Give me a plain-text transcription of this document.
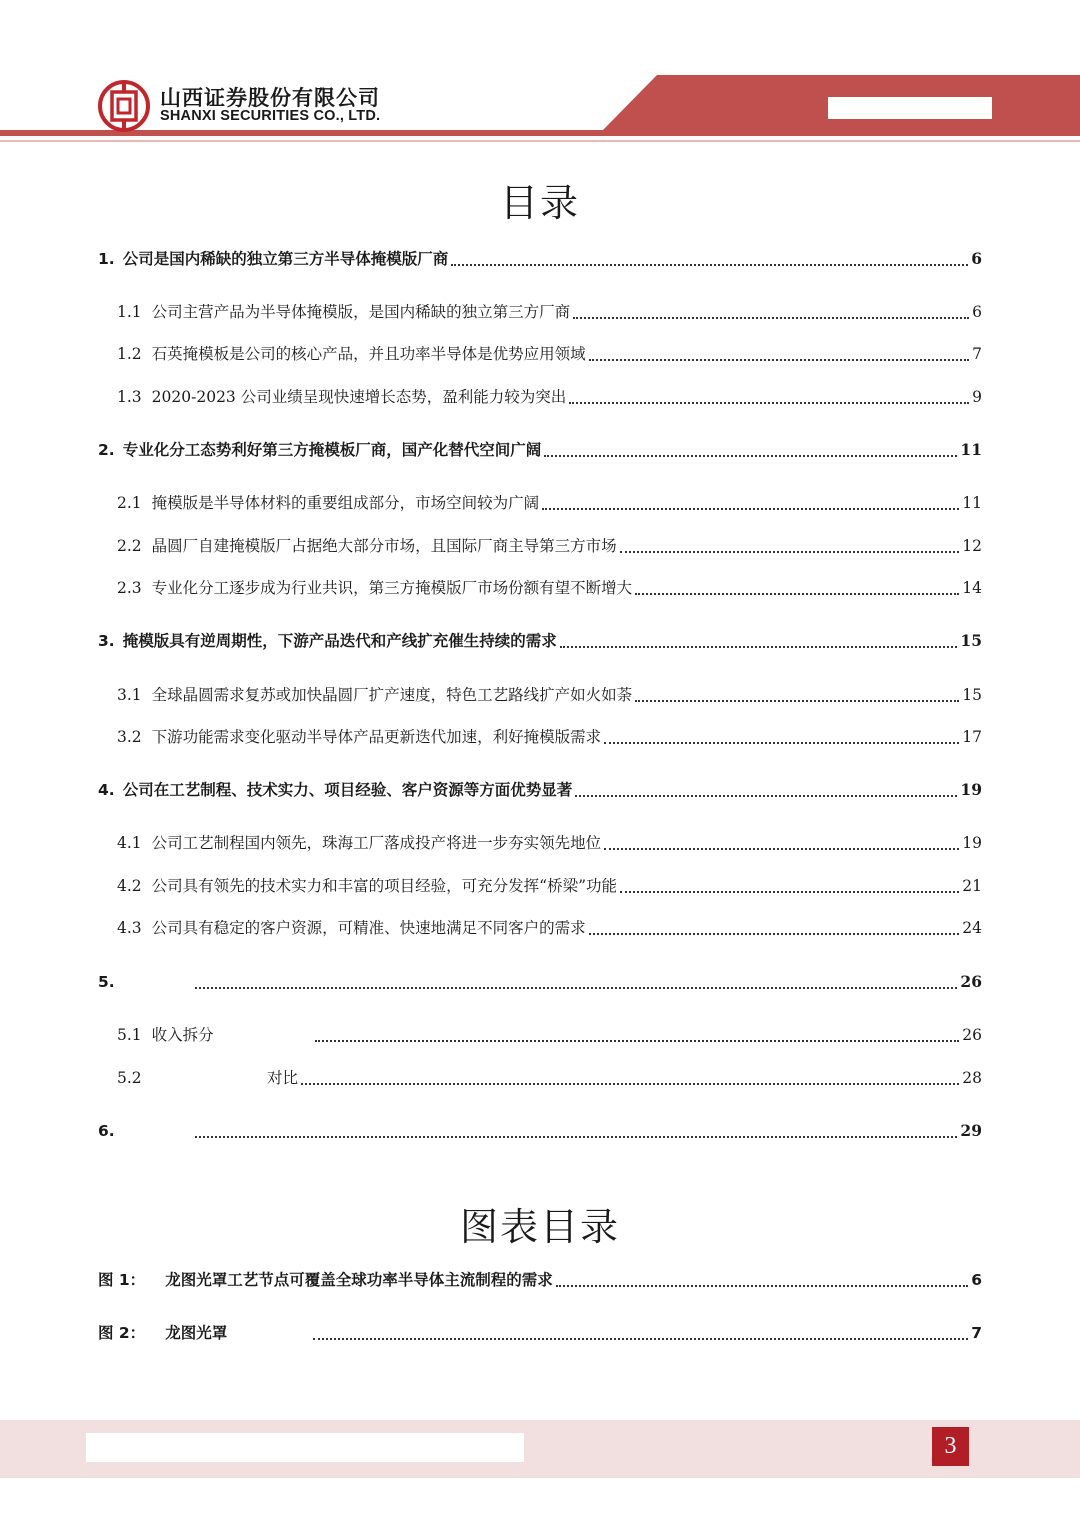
山西证券股份有限公司
SHANXI SECURITIES CO., LTD.
目录
1. 公司是国内稀缺的独立第三方半导体掩模版厂商	6
1.1 公司主营产品为半导体掩模版，是国内稀缺的独立第三方厂商	6
1.2 石英掩模板是公司的核心产品，并且功率半导体是优势应用领域	7
1.3 2020-2023 公司业绩呈现快速增长态势，盈利能力较为突出	9
2. 专业化分工态势利好第三方掩模板厂商，国产化替代空间广阔	11
2.1 掩模版是半导体材料的重要组成部分，市场空间较为广阔	11
2.2 晶圆厂自建掩模版厂占据绝大部分市场，且国际厂商主导第三方市场	12
2.3 专业化分工逐步成为行业共识，第三方掩模版厂市场份额有望不断增大	14
3. 掩模版具有逆周期性，下游产品迭代和产线扩充催生持续的需求	15
3.1 全球晶圆需求复苏或加快晶圆厂扩产速度，特色工艺路线扩产如火如荼	15
3.2 下游功能需求变化驱动半导体产品更新迭代加速，利好掩模版需求	17
4. 公司在工艺制程、技术实力、项目经验、客户资源等方面优势显著	19
4.1 公司工艺制程国内领先，珠海工厂落成投产将进一步夯实领先地位	19
4.2 公司具有领先的技术实力和丰富的项目经验，可充分发挥“桥梁”功能	21
4.3 公司具有稳定的客户资源，可精准、快速地满足不同客户的需求	24
5.	26
5.1 收入拆分	26
5.2	对比	28
6.	29
图表目录
图 1： 龙图光罩工艺节点可覆盖全球功率半导体主流制程的需求	6
图 2： 龙图光罩	7
3
